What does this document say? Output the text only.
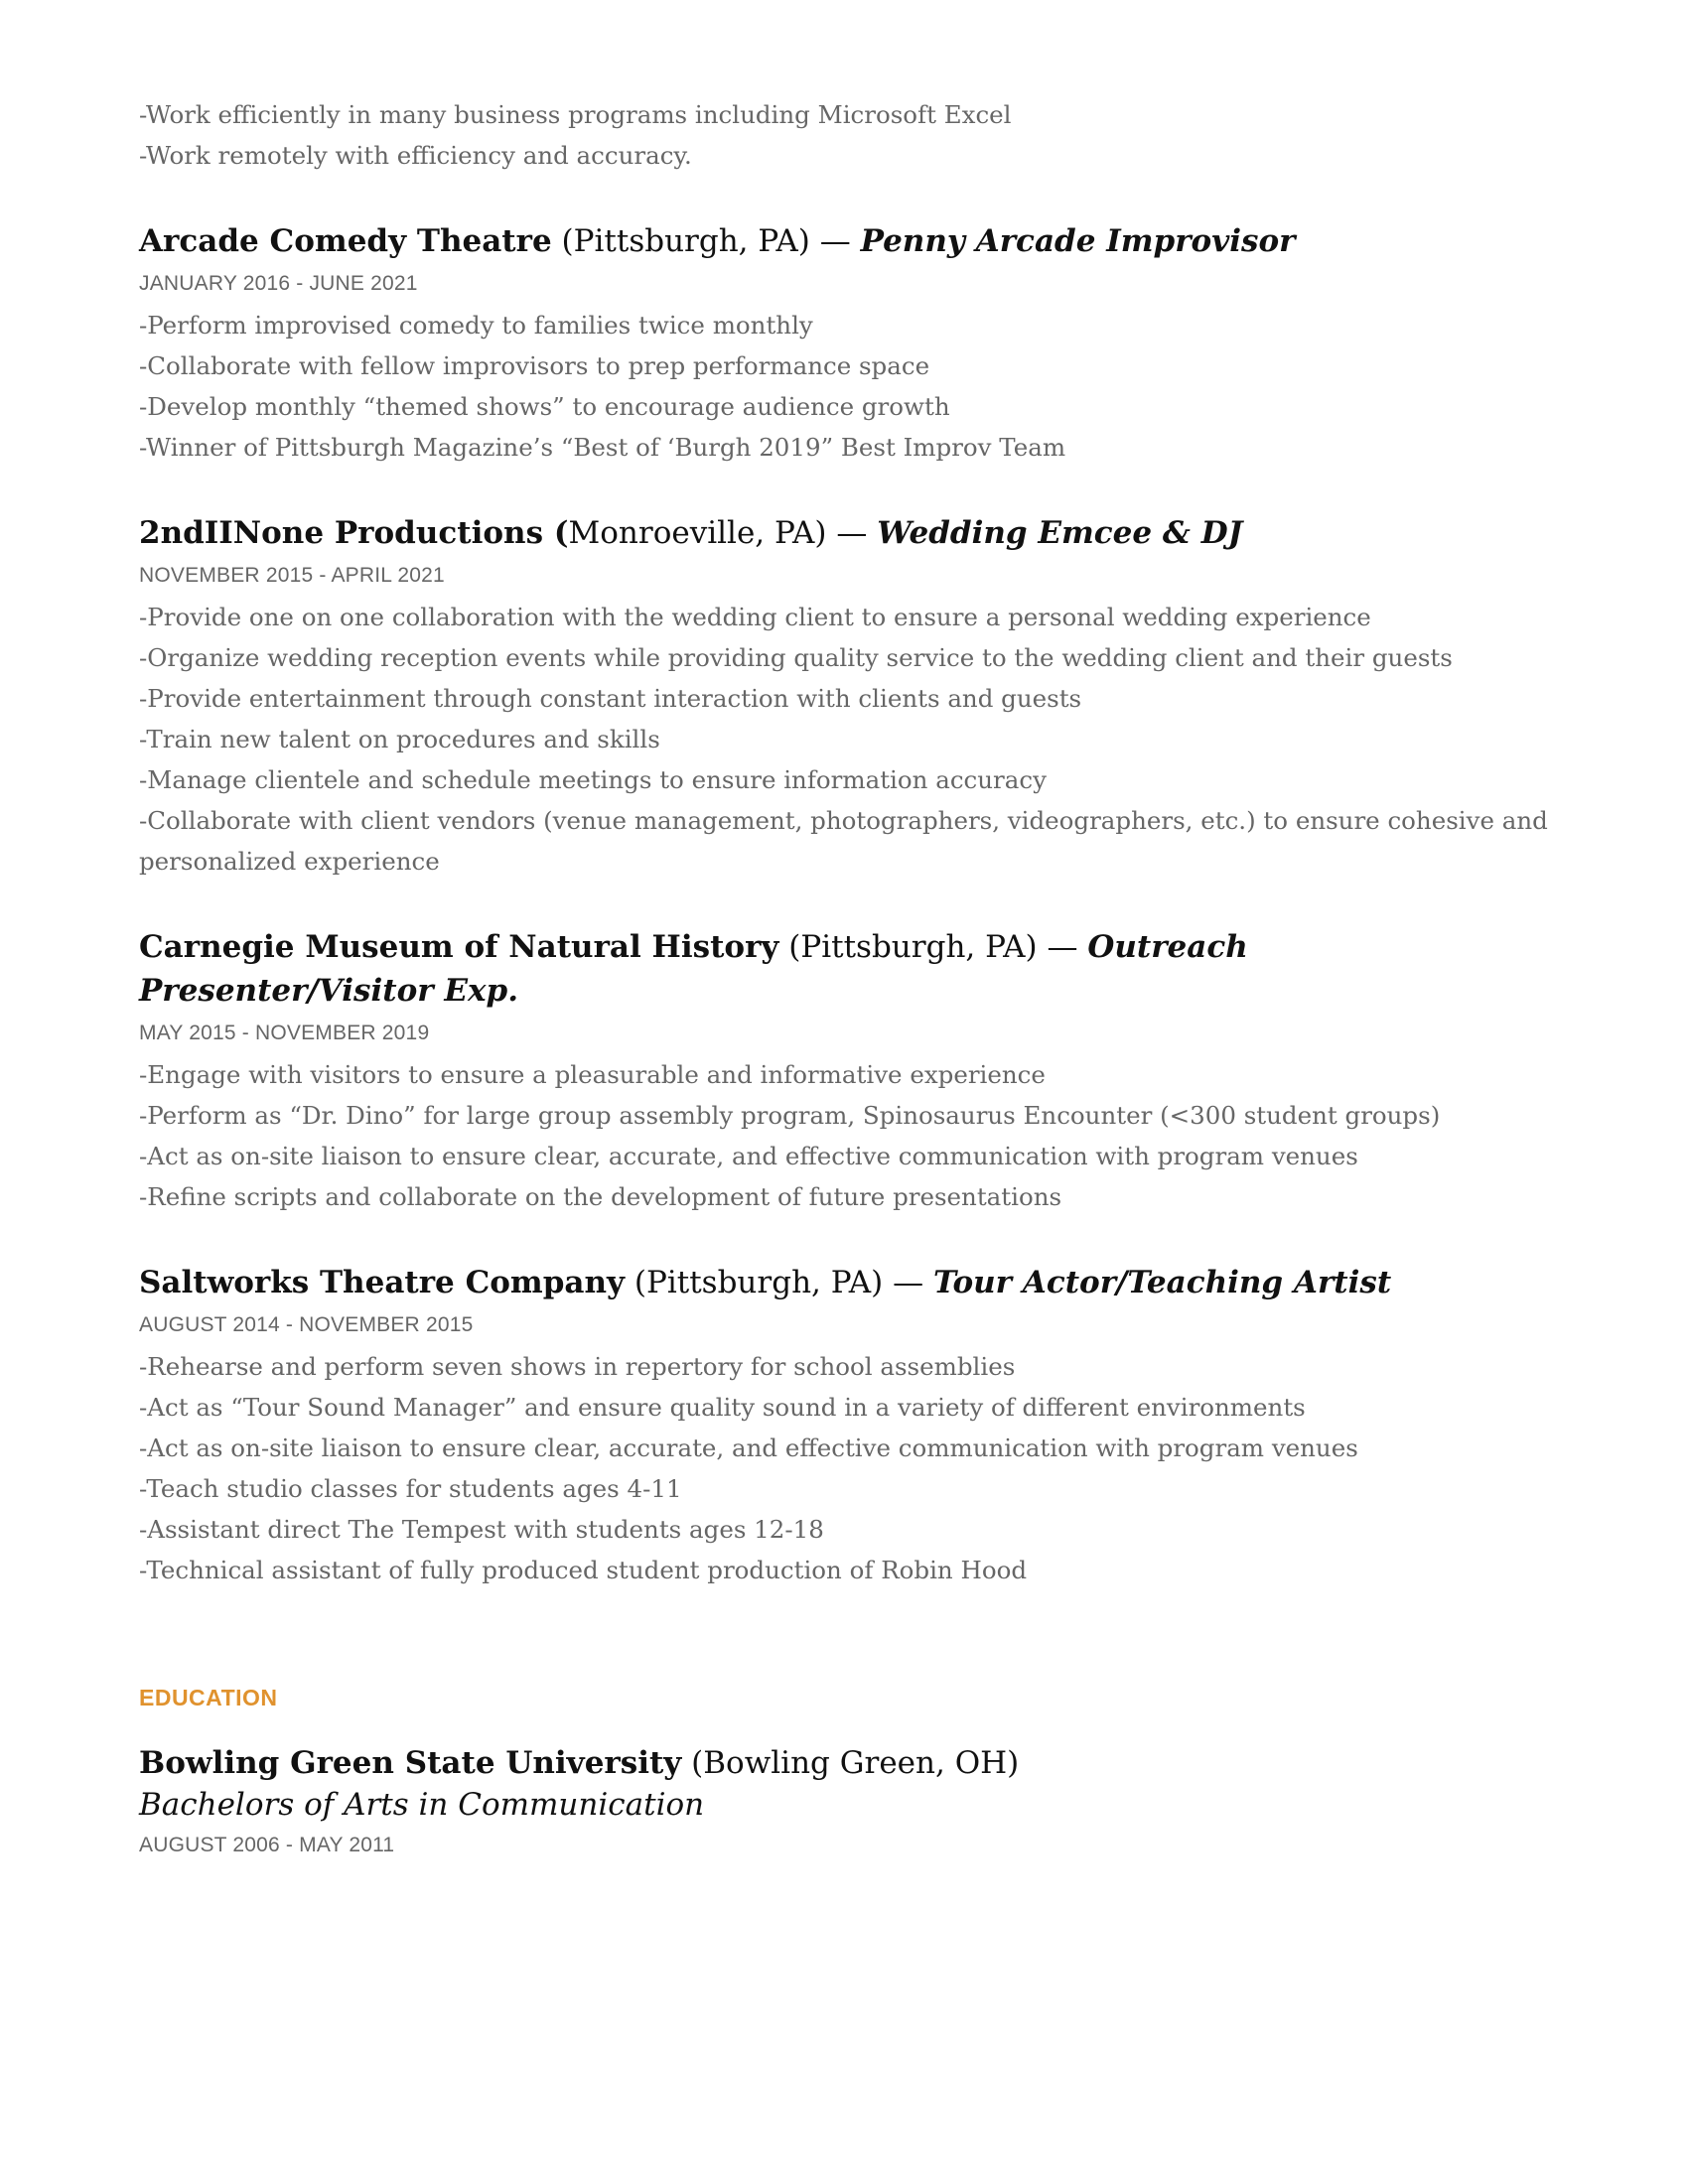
-Work efficiently in many business programs including Microsoft Excel

-Work remotely with efficiency and accuracy.

Arcade Comedy Theatre (Pittsburgh, PA) — Penny Arcade Improvisor
JANUARY 2016 - JUNE 2021

-Perform improvised comedy to families twice monthly

-Collaborate with fellow improvisors to prep performance space

-Develop monthly “themed shows” to encourage audience growth

-Winner of Pittsburgh Magazine’s “Best of ‘Burgh 2019” Best Improv Team

2ndIINone Productions (Monroeville, PA) — Wedding Emcee & DJ
NOVEMBER 2015 - APRIL 2021

-Provide one on one collaboration with the wedding client to ensure a personal wedding experience

-Organize wedding reception events while providing quality service to the wedding client and their guests

-Provide entertainment through constant interaction with clients and guests

-Train new talent on procedures and skills

-Manage clientele and schedule meetings to ensure information accuracy

-Collaborate with client vendors (venue management, photographers, videographers, etc.) to ensure cohesive and personalized experience

Carnegie Museum of Natural History (Pittsburgh, PA) — Outreach Presenter/Visitor Exp.
MAY 2015 - NOVEMBER 2019

-Engage with visitors to ensure a pleasurable and informative experience

-Perform as “Dr. Dino” for large group assembly program, Spinosaurus Encounter (<300 student groups)

-Act as on-site liaison to ensure clear, accurate, and effective communication with program venues

-Refine scripts and collaborate on the development of future presentations

Saltworks Theatre Company (Pittsburgh, PA) — Tour Actor/Teaching Artist
AUGUST 2014 - NOVEMBER 2015

-Rehearse and perform seven shows in repertory for school assemblies

-Act as “Tour Sound Manager” and ensure quality sound in a variety of different environments

-Act as on-site liaison to ensure clear, accurate, and effective communication with program venues

-Teach studio classes for students ages 4-11

-Assistant direct The Tempest with students ages 12-18

-Technical assistant of fully produced student production of Robin Hood

EDUCATION
Bowling Green State University (Bowling Green, OH)

Bachelors of Arts in Communication

AUGUST 2006 - MAY 2011
